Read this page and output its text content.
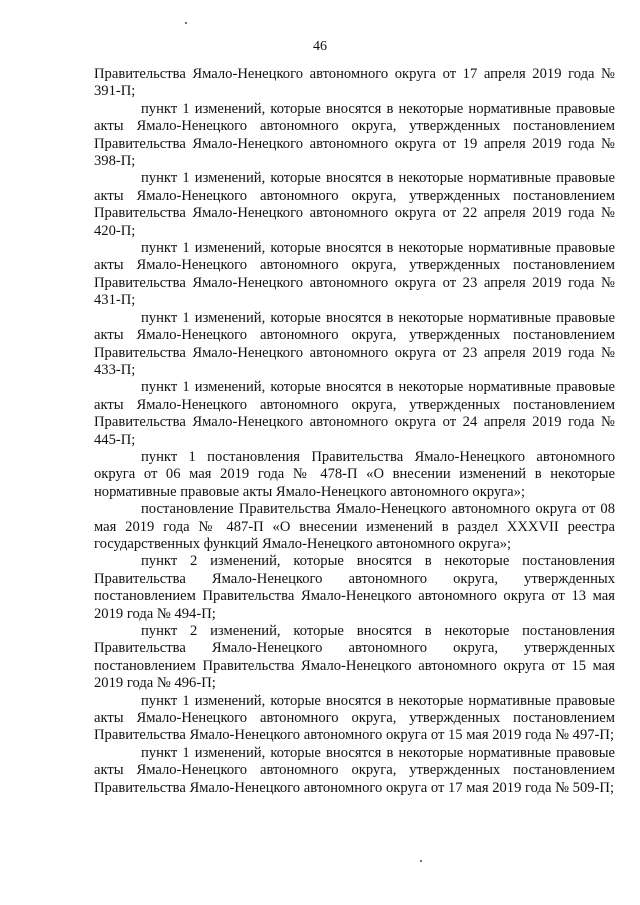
46

Правительства Ямало-Ненецкого автономного округа от 17 апреля 2019 года № 391-П;

пункт 1 изменений, которые вносятся в некоторые нормативные правовые акты Ямало-Ненецкого автономного округа, утвержденных постановлением Правительства Ямало-Ненецкого автономного округа от 19 апреля 2019 года № 398-П;

пункт 1 изменений, которые вносятся в некоторые нормативные правовые акты Ямало-Ненецкого автономного округа, утвержденных постановлением Правительства Ямало-Ненецкого автономного округа от 22 апреля 2019 года № 420-П;

пункт 1 изменений, которые вносятся в некоторые нормативные правовые акты Ямало-Ненецкого автономного округа, утвержденных постановлением Правительства Ямало-Ненецкого автономного округа от 23 апреля 2019 года № 431-П;

пункт 1 изменений, которые вносятся в некоторые нормативные правовые акты Ямало-Ненецкого автономного округа, утвержденных постановлением Правительства Ямало-Ненецкого автономного округа от 23 апреля 2019 года № 433-П;

пункт 1 изменений, которые вносятся в некоторые нормативные правовые акты Ямало-Ненецкого автономного округа, утвержденных постановлением Правительства Ямало-Ненецкого автономного округа от 24 апреля 2019 года № 445-П;

пункт 1 постановления Правительства Ямало-Ненецкого автономного округа от 06 мая 2019 года № 478-П «О внесении изменений в некоторые нормативные правовые акты Ямало-Ненецкого автономного округа»;

постановление Правительства Ямало-Ненецкого автономного округа от 08 мая 2019 года № 487-П «О внесении изменений в раздел XXXVII реестра государственных функций Ямало-Ненецкого автономного округа»;

пункт 2 изменений, которые вносятся в некоторые постановления Правительства Ямало-Ненецкого автономного округа, утвержденных постановлением Правительства Ямало-Ненецкого автономного округа от 13 мая 2019 года № 494-П;

пункт 2 изменений, которые вносятся в некоторые постановления Правительства Ямало-Ненецкого автономного округа, утвержденных постановлением Правительства Ямало-Ненецкого автономного округа от 15 мая 2019 года № 496-П;

пункт 1 изменений, которые вносятся в некоторые нормативные правовые акты Ямало-Ненецкого автономного округа, утвержденных постановлением Правительства Ямало-Ненецкого автономного округа от 15 мая 2019 года № 497-П;

пункт 1 изменений, которые вносятся в некоторые нормативные правовые акты Ямало-Ненецкого автономного округа, утвержденных постановлением Правительства Ямало-Ненецкого автономного округа от 17 мая 2019 года № 509-П;
